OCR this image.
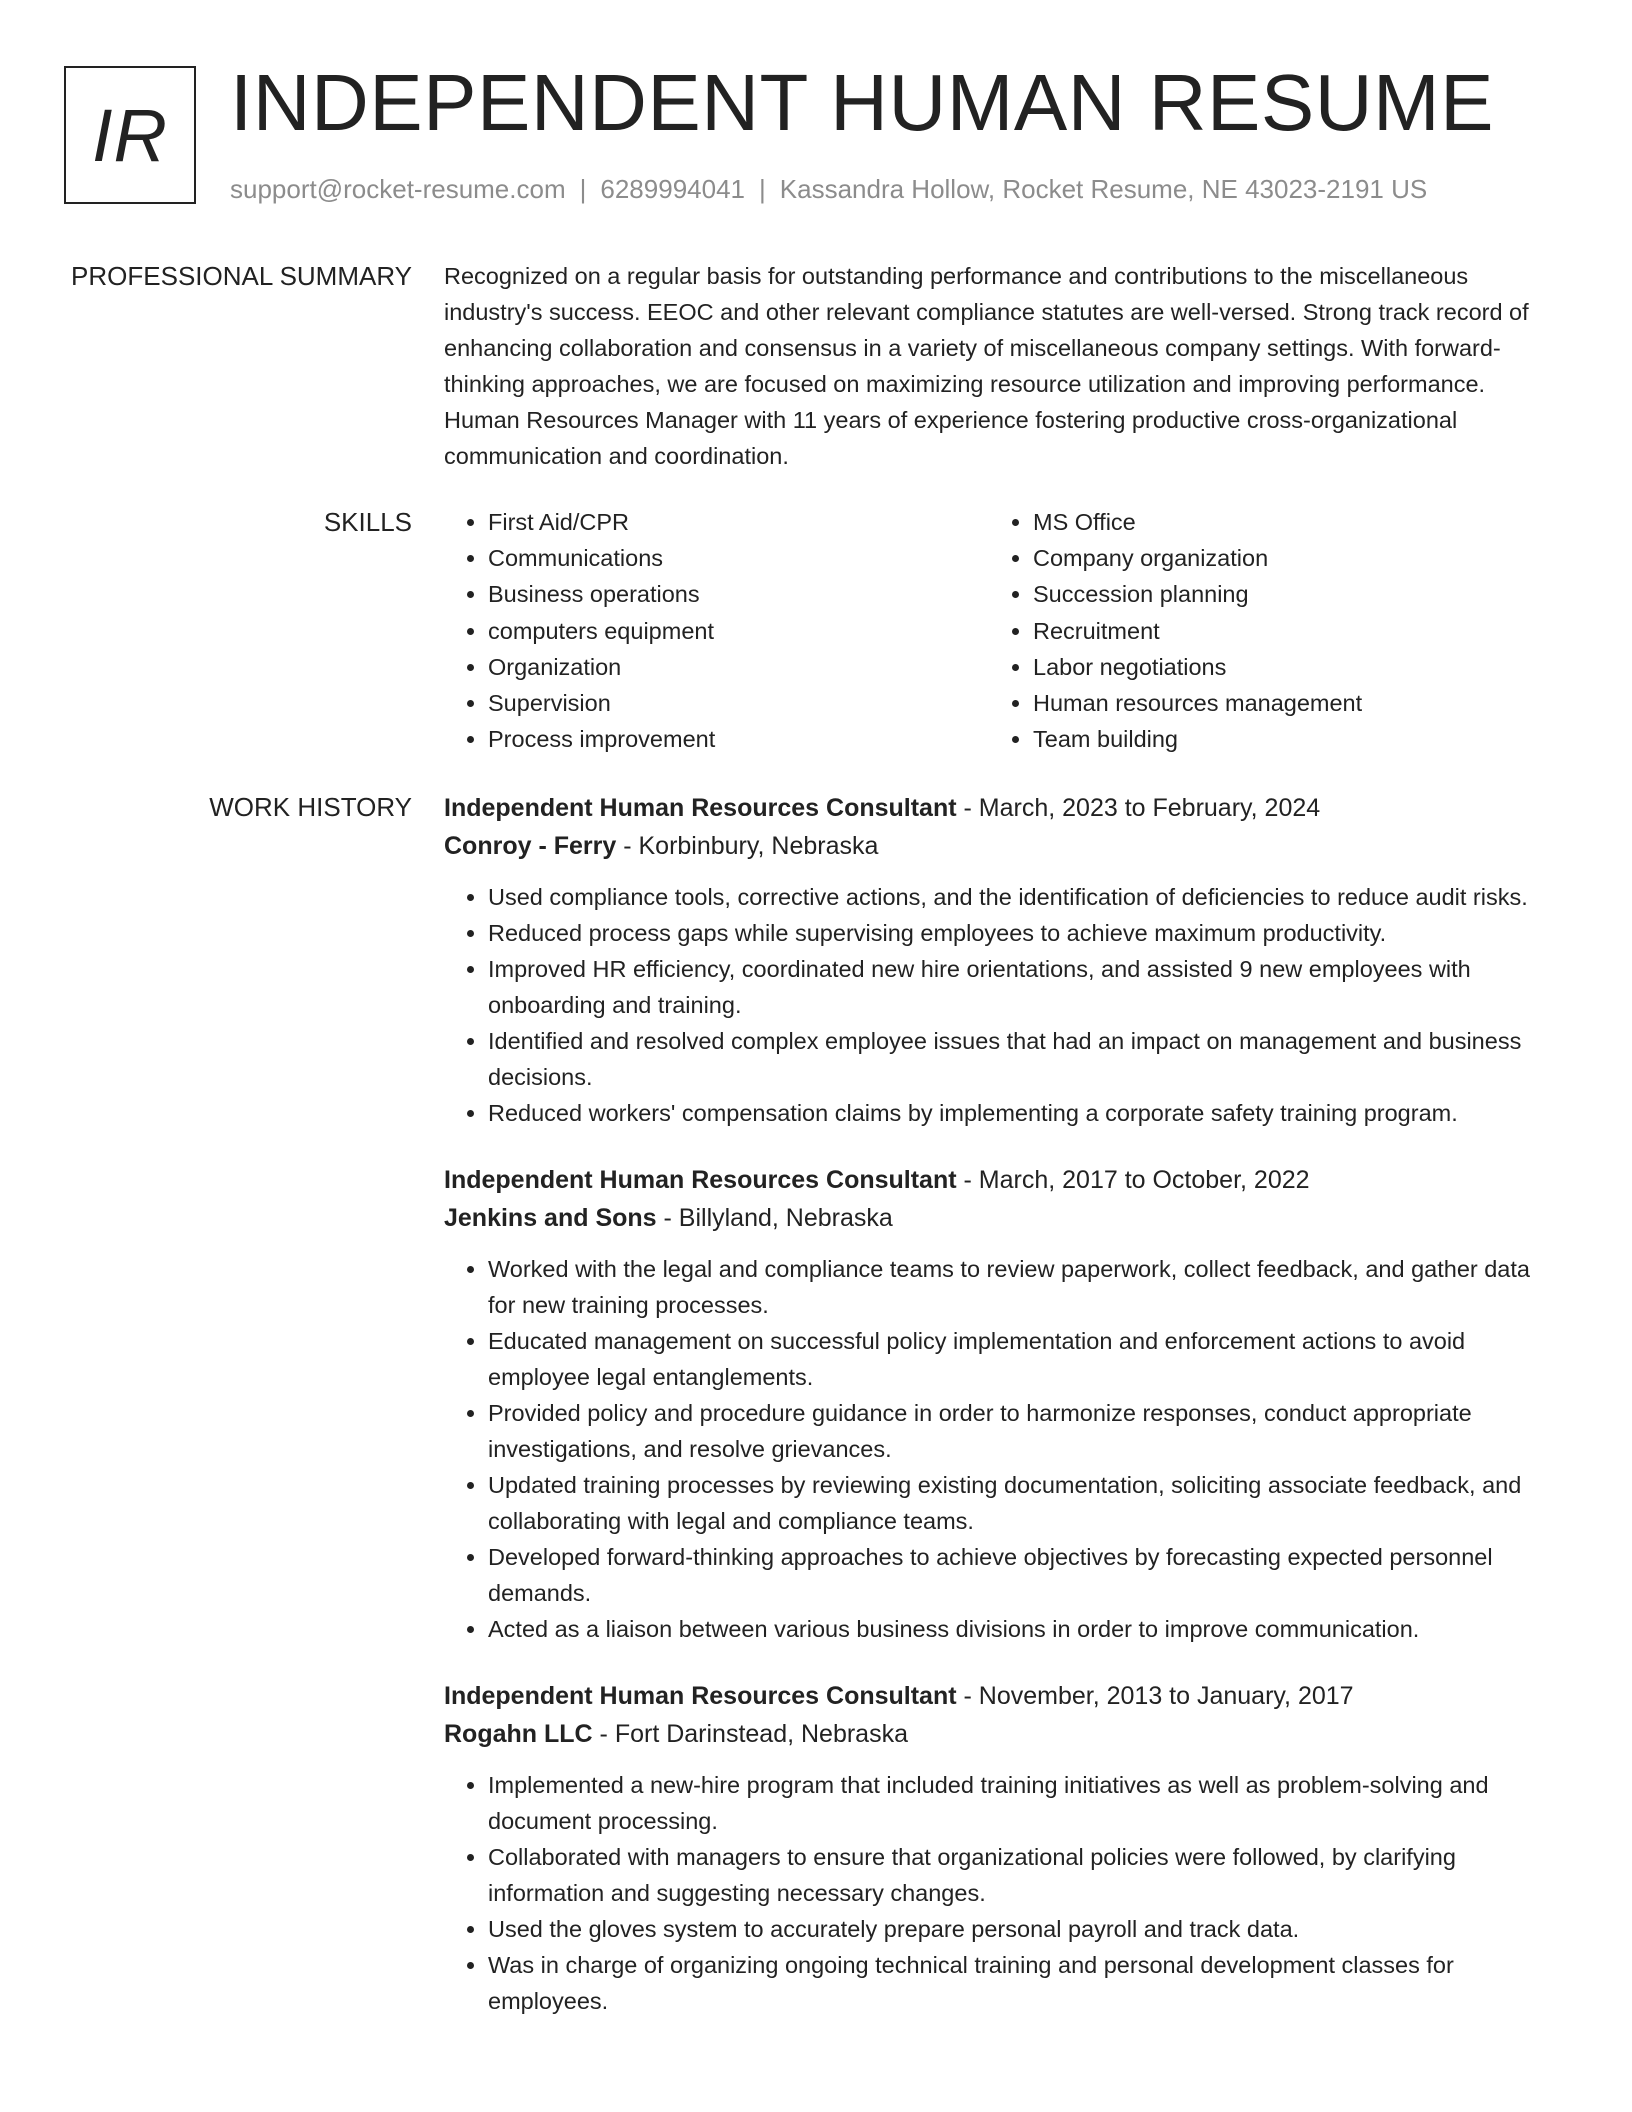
IR INDEPENDENT HUMAN RESUME
support@rocket-resume.com | 6289994041 | Kassandra Hollow, Rocket Resume, NE 43023-2191 US
PROFESSIONAL SUMMARY Recognized on a regular basis for outstanding performance and contributions to the miscellaneous industry's success. EEOC and other relevant compliance statutes are well-versed. Strong track record of enhancing collaboration and consensus in a variety of miscellaneous company settings. With forward-thinking approaches, we are focused on maximizing resource utilization and improving performance. Human Resources Manager with 11 years of experience fostering productive cross-organizational communication and coordination.
SKILLS
•	First Aid/CPR
• Communications
• Business operations
• computers equipment
• Organization
• Supervision
• Process improvement
• MS Office
• Company organization
• Succession planning
• Recruitment
• Labor negotiations
• Human resources management
• Team building
WORK HISTORY Independent Human Resources Consultant - March, 2023 to February, 2024
Conroy - Ferry - Korbinbury, Nebraska
• Used compliance tools, corrective actions, and the identification of deficiencies to reduce audit risks.
• Reduced process gaps while supervising employees to achieve maximum productivity.
• Improved HR efficiency, coordinated new hire orientations, and assisted 9 new employees with onboarding and training.
• Identified and resolved complex employee issues that had an impact on management and business decisions.
• Reduced workers' compensation claims by implementing a corporate safety training program.
Independent Human Resources Consultant - March, 2017 to October, 2022
Jenkins and Sons - Billyland, Nebraska
• Worked with the legal and compliance teams to review paperwork, collect feedback, and gather data for new training processes.
• Educated management on successful policy implementation and enforcement actions to avoid employee legal entanglements.
• Provided policy and procedure guidance in order to harmonize responses, conduct appropriate investigations, and resolve grievances.
• Updated training processes by reviewing existing documentation, soliciting associate feedback, and collaborating with legal and compliance teams.
• Developed forward-thinking approaches to achieve objectives by forecasting expected personnel demands.
• Acted as a liaison between various business divisions in order to improve communication.
Independent Human Resources Consultant - November, 2013 to January, 2017
Rogahn LLC - Fort Darinstead, Nebraska
• Implemented a new-hire program that included training initiatives as well as problem-solving and document processing.
• Collaborated with managers to ensure that organizational policies were followed, by clarifying information and suggesting necessary changes.
• Used the gloves system to accurately prepare personal payroll and track data.
• Was in charge of organizing ongoing technical training and personal development classes for employees.
